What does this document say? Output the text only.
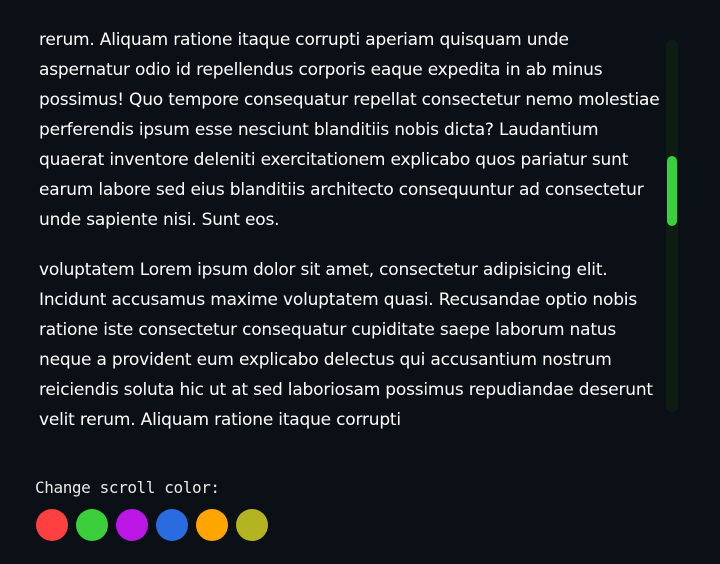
rerum. Aliquam ratione itaque corrupti aperiam quisquam unde aspernatur odio id repellendus corporis eaque expedita in ab minus possimus! Quo tempore consequatur repellat consectetur nemo molestiae perferendis ipsum esse nesciunt blanditiis nobis dicta? Laudantium quaerat inventore deleniti exercitationem explicabo quos pariatur sunt earum labore sed eius blanditiis architecto consequuntur ad consectetur unde sapiente nisi. Sunt eos.

voluptatem Lorem ipsum dolor sit amet, consectetur adipisicing elit. Incidunt accusamus maxime voluptatem quasi. Recusandae optio nobis ratione iste consectetur consequatur cupiditate saepe laborum natus neque a provident eum explicabo delectus qui accusantium nostrum reiciendis soluta hic ut at sed laboriosam possimus repudiandae deserunt velit rerum. Aliquam ratione itaque corrupti

Change scroll color:
